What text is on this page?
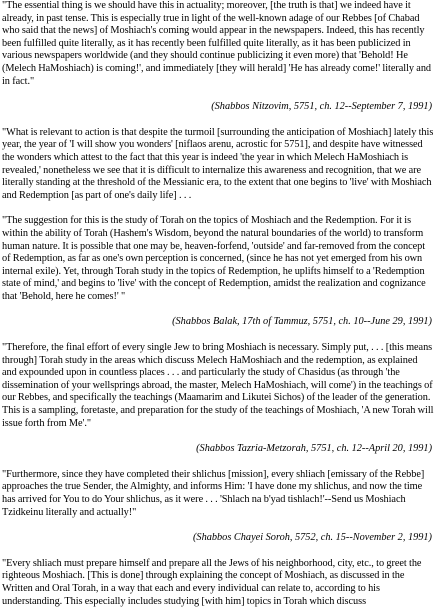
"The essential thing is we should have this in actuality; moreover, [the truth is that] we indeed have it already, in past tense. This is especially true in light of the well-known adage of our Rebbes [of Chabad who said that the news] of Moshiach's coming would appear in the newspapers. Indeed, this has recently been fulfilled quite literally, as it has recently been fulfilled quite literally, as it has been publicized in various newspapers worldwide (and they should continue publicizing it even more) that 'Behold! He (Melech HaMoshiach) is coming!', and immediately [they will herald] 'He has already come!' literally and in fact."

(Shabbos Nitzovim, 5751, ch. 12--September 7, 1991)

"What is relevant to action is that despite the turmoil [surrounding the anticipation of Moshiach] lately this year, the year of 'I will show you wonders' [niflaos arenu, acrostic for 5751], and despite have witnessed the wonders which attest to the fact that this year is indeed 'the year in which Melech HaMoshiach is revealed,' nonetheless we see that it is difficult to internalize this awareness and recognition, that we are literally standing at the threshold of the Messianic era, to the extent that one begins to 'live' with Moshiach and Redemption [as part of one's daily life] . . .

"The suggestion for this is the study of Torah on the topics of Moshiach and the Redemption. For it is within the ability of Torah (Hashem's Wisdom, beyond the natural boundaries of the world) to transform human nature. It is possible that one may be, heaven-forfend, 'outside' and far-removed from the concept of Redemption, as far as one's own perception is concerned, (since he has not yet emerged from his own internal exile). Yet, through Torah study in the topics of Redemption, he uplifts himself to a 'Redemption state of mind,' and begins to 'live' with the concept of Redemption, amidst the realization and cognizance that 'Behold, here he comes!' "

(Shabbos Balak, 17th of Tammuz, 5751, ch. 10--June 29, 1991)

"Therefore, the final effort of every single Jew to bring Moshiach is necessary. Simply put, . . . [this means through] Torah study in the areas which discuss Melech HaMoshiach and the redemption, as explained and expounded upon in countless places . . . and particularly the study of Chasidus (as through 'the dissemination of your wellsprings abroad, the master, Melech HaMoshiach, will come') in the teachings of our Rebbes, and specifically the teachings (Maamarim and Likutei Sichos) of the leader of the generation. This is a sampling, foretaste, and preparation for the study of the teachings of Moshiach, 'A new Torah will issue forth from Me'."

(Shabbos Tazria-Metzorah, 5751, ch. 12--April 20, 1991)

"Furthermore, since they have completed their shlichus [mission], every shliach [emissary of the Rebbe] approaches the true Sender, the Almighty, and informs Him: 'I have done my shlichus, and now the time has arrived for You to do Your shlichus, as it were . . . 'Shlach na b'yad tishlach!'--Send us Moshiach Tzidkeinu literally and actually!"

(Shabbos Chayei Soroh, 5752, ch. 15--November 2, 1991)

"Every shliach must prepare himself and prepare all the Jews of his neighborhood, city, etc., to greet the righteous Moshiach. [This is done] through explaining the concept of Moshiach, as discussed in the Written and Oral Torah, in a way that each and every individual can relate to, according to his understanding. This especially includes studying [with him] topics in Torah which discuss
